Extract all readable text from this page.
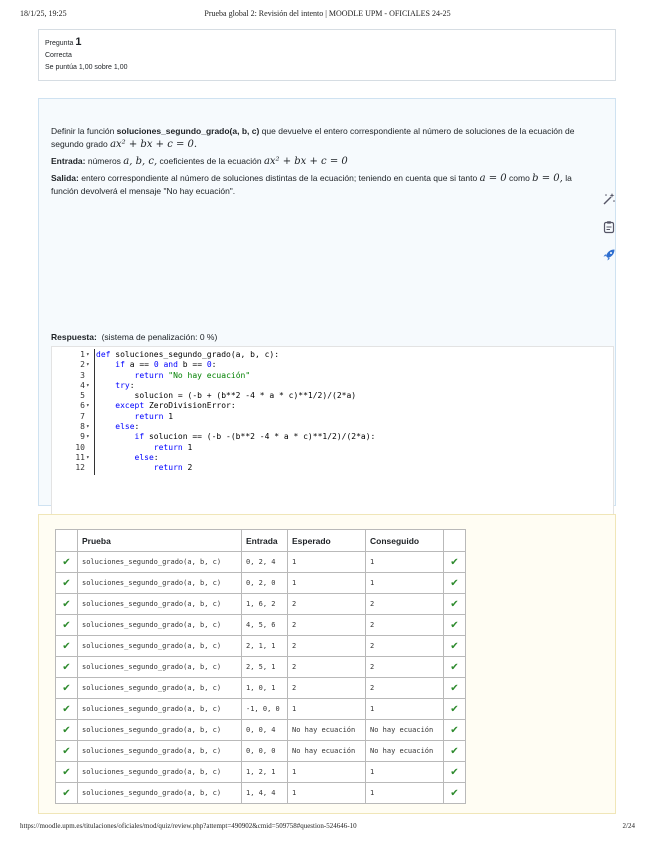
18/1/25, 19:25	Prueba global 2: Revisión del intento | MOODLE UPM - OFICIALES 24-25
Pregunta 1
Correcta
Se puntúa 1,00 sobre 1,00

Definir la función soluciones_segundo_grado(a, b, c) que devuelve el entero correspondiente al número de soluciones de la ecuación de segundo grado ax² + bx + c = 0.

Entrada: números a, b, c, coeficientes de la ecuación ax² + bx + c = 0

Salida: entero correspondiente al número de soluciones distintas de la ecuación; teniendo en cuenta que si tanto a = 0 como b = 0, la función devolverá el mensaje "No hay ecuación".

Respuesta: (sistema de penalización: 0 %)
1 ▾ def soluciones_segundo_grado(a, b, c):
2 ▾	if a == 0 and b == 0:
3
	return "No hay ecuación"
4 ▾	try:
5
	solucion = (-b + (b**2 -4 * a * c)**1/2)/(2*a)
6 ▾	except ZeroDivisionError:
7
	return 1
8 ▾	else:
9 ▾	if solucion == (-b -(b**2 -4 * a * c)**1/2)/(2*a):
10
	return 1
11 ▾	else:
12
	return 2
	Prueba	Entrada	Esperado	Conseguido	
✔	soluciones_segundo_grado(a, b, c)	0, 2, 4	1	1	✔
✔	soluciones_segundo_grado(a, b, c)	0, 2, 0	1	1	✔
✔	soluciones_segundo_grado(a, b, c)	1, 6, 2	2	2	✔
✔	soluciones_segundo_grado(a, b, c)	4, 5, 6	2	2	✔
✔	soluciones_segundo_grado(a, b, c)	2, 1, 1	2	2	✔
✔	soluciones_segundo_grado(a, b, c)	2, 5, 1	2	2	✔
✔	soluciones_segundo_grado(a, b, c)	1, 0, 1	2	2	✔
✔	soluciones_segundo_grado(a, b, c)	-1, 0, 0	1	1	✔
✔	soluciones_segundo_grado(a, b, c)	0, 0, 4	No hay ecuación	No hay ecuación	✔
✔	soluciones_segundo_grado(a, b, c)	0, 0, 0	No hay ecuación	No hay ecuación	✔
✔	soluciones_segundo_grado(a, b, c)	1, 2, 1	1	1	✔
✔	soluciones_segundo_grado(a, b, c)	1, 4, 4	1	1	✔
https://moodle.upm.es/titulaciones/oficiales/mod/quiz/review.php?attempt=490902&cmid=509758#question-524646-10	2/24
